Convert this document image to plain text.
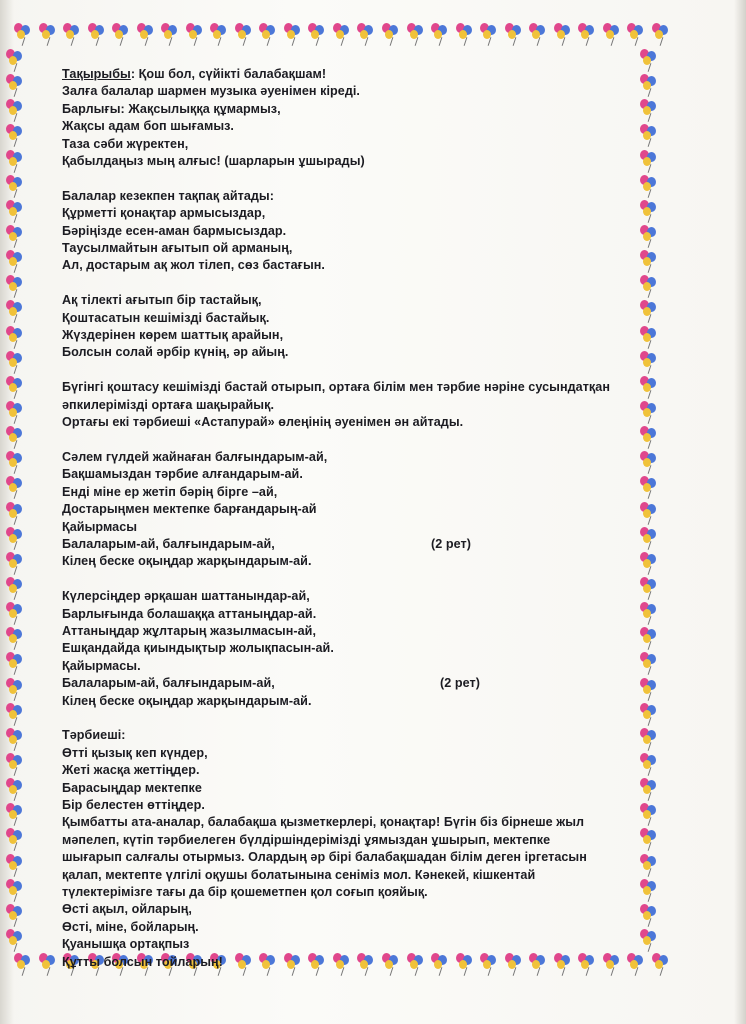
Тақырыбы: Қош бол, сүйікті балабақшам!
Залға балалар шармен музыка әуенімен кіреді.
Барлығы: Жақсылыққа құмармыз,
Жақсы адам боп шығамыз.
Таза сәби жүректен,
Қабылдаңыз мың алғыс! (шарларын ұшырады)
Балалар кезекпен тақпақ айтады:
Құрметті қонақтар армысыздар,
Бәріңізде есен-аман бармысыздар.
Таусылмайтын ағытып ой арманың,
Ал, достарым ақ жол тілеп, сөз бастағын.
Ақ тілекті ағытып бір тастайық,
Қоштасатын кешімізді бастайық.
Жүздерінен көрем шаттық арайын,
Болсын солай әрбір күнің, әр айың.
Бүгінгі қоштасу кешімізді бастай отырып, ортаға білім мен тәрбие нәріне сусындатқан
әпкилерімізді ортаға шақырайық.
Ортағы екі тәрбиеші «Астапурай» өлеңінің әуенімен ән айтады.
Сәлем гүлдей жайнаған балғындарым-ай,
Бақшамыздан тәрбие алғандарым-ай.
Енді міне ер жетіп бәрің бірге –ай,
Достарыңмен мектепке барғандарың-ай
Қайырмасы
Балаларым-ай, балғындарым-ай,	(2 рет)
Кілең беске оқыңдар жарқындарым-ай.
Күлерсіңдер әрқашан шаттанындар-ай,
Барлығында болашаққа аттаныңдар-ай.
Аттаныңдар жұлтарың жазылмасын-ай,
Ешқандайда қиындықтыр жолықпасын-ай.
Қайырмасы.
Балаларым-ай, балғындарым-ай,	(2 рет)
Кілең беске оқыңдар жарқындарым-ай.
Тәрбиеші:
Өтті қызық кеп күндер,
Жеті жасқа жеттіңдер.
Барасыңдар мектепке
Бір белестен өттіңдер.
Қымбатты ата-аналар, балабақша қызметкерлері, қонақтар! Бүгін біз бірнеше жыл
мәпелеп, күтіп тәрбиелеген бүлдіршіндерімізді ұямыздан ұшырып, мектепке
шығарып салғалы отырмыз. Олардың әр бірі балабақшадан білім деген іргетасын
қалап, мектепте үлгілі оқушы болатынына сеніміз мол. Кәнекей, кішкентай
түлектерімізге тағы да бір қошеметпен қол соғып қояйық.
Өсті ақыл, ойларың,
Өсті, міне, бойларың.
Қуанышқа ортақпыз
Құтты болсын тойларың!
